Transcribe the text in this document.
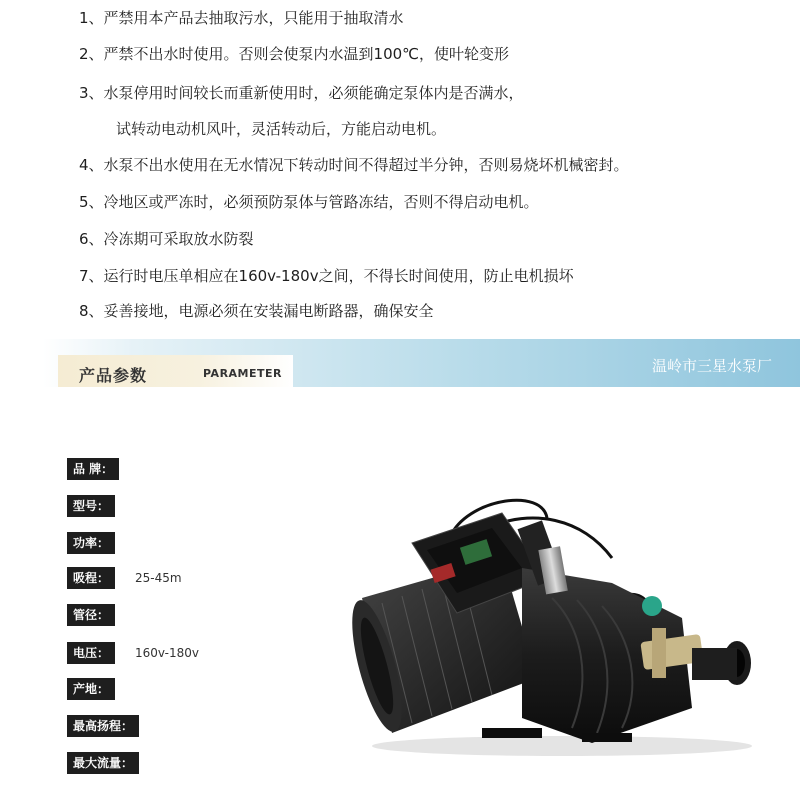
1、严禁用本产品去抽取污水，只能用于抽取清水
2、严禁不出水时使用。否则会使泵内水温到100℃，使叶轮变形
3、水泵停用时间较长而重新使用时，必须能确定泵体内是否满水，
试转动电动机风叶，灵活转动后，方能启动电机。
4、水泵不出水使用在无水情况下转动时间不得超过半分钟，否则易烧坏机械密封。
5、冷地区或严冻时，必须预防泵体与管路冻结，否则不得启动电机。
6、冷冻期可采取放水防裂
7、运行时电压单相应在160v-180v之间，不得长时间使用，防止电机损坏
8、妥善接地，电源必须在安装漏电断路器，确保安全
产品参数	PARAMETER	温岭市三星水泵厂
品 牌：
型号：
功率：
吸程：	25-45m
管径：
电压：	160v-180v
产地：
最高扬程：
最大流量：
